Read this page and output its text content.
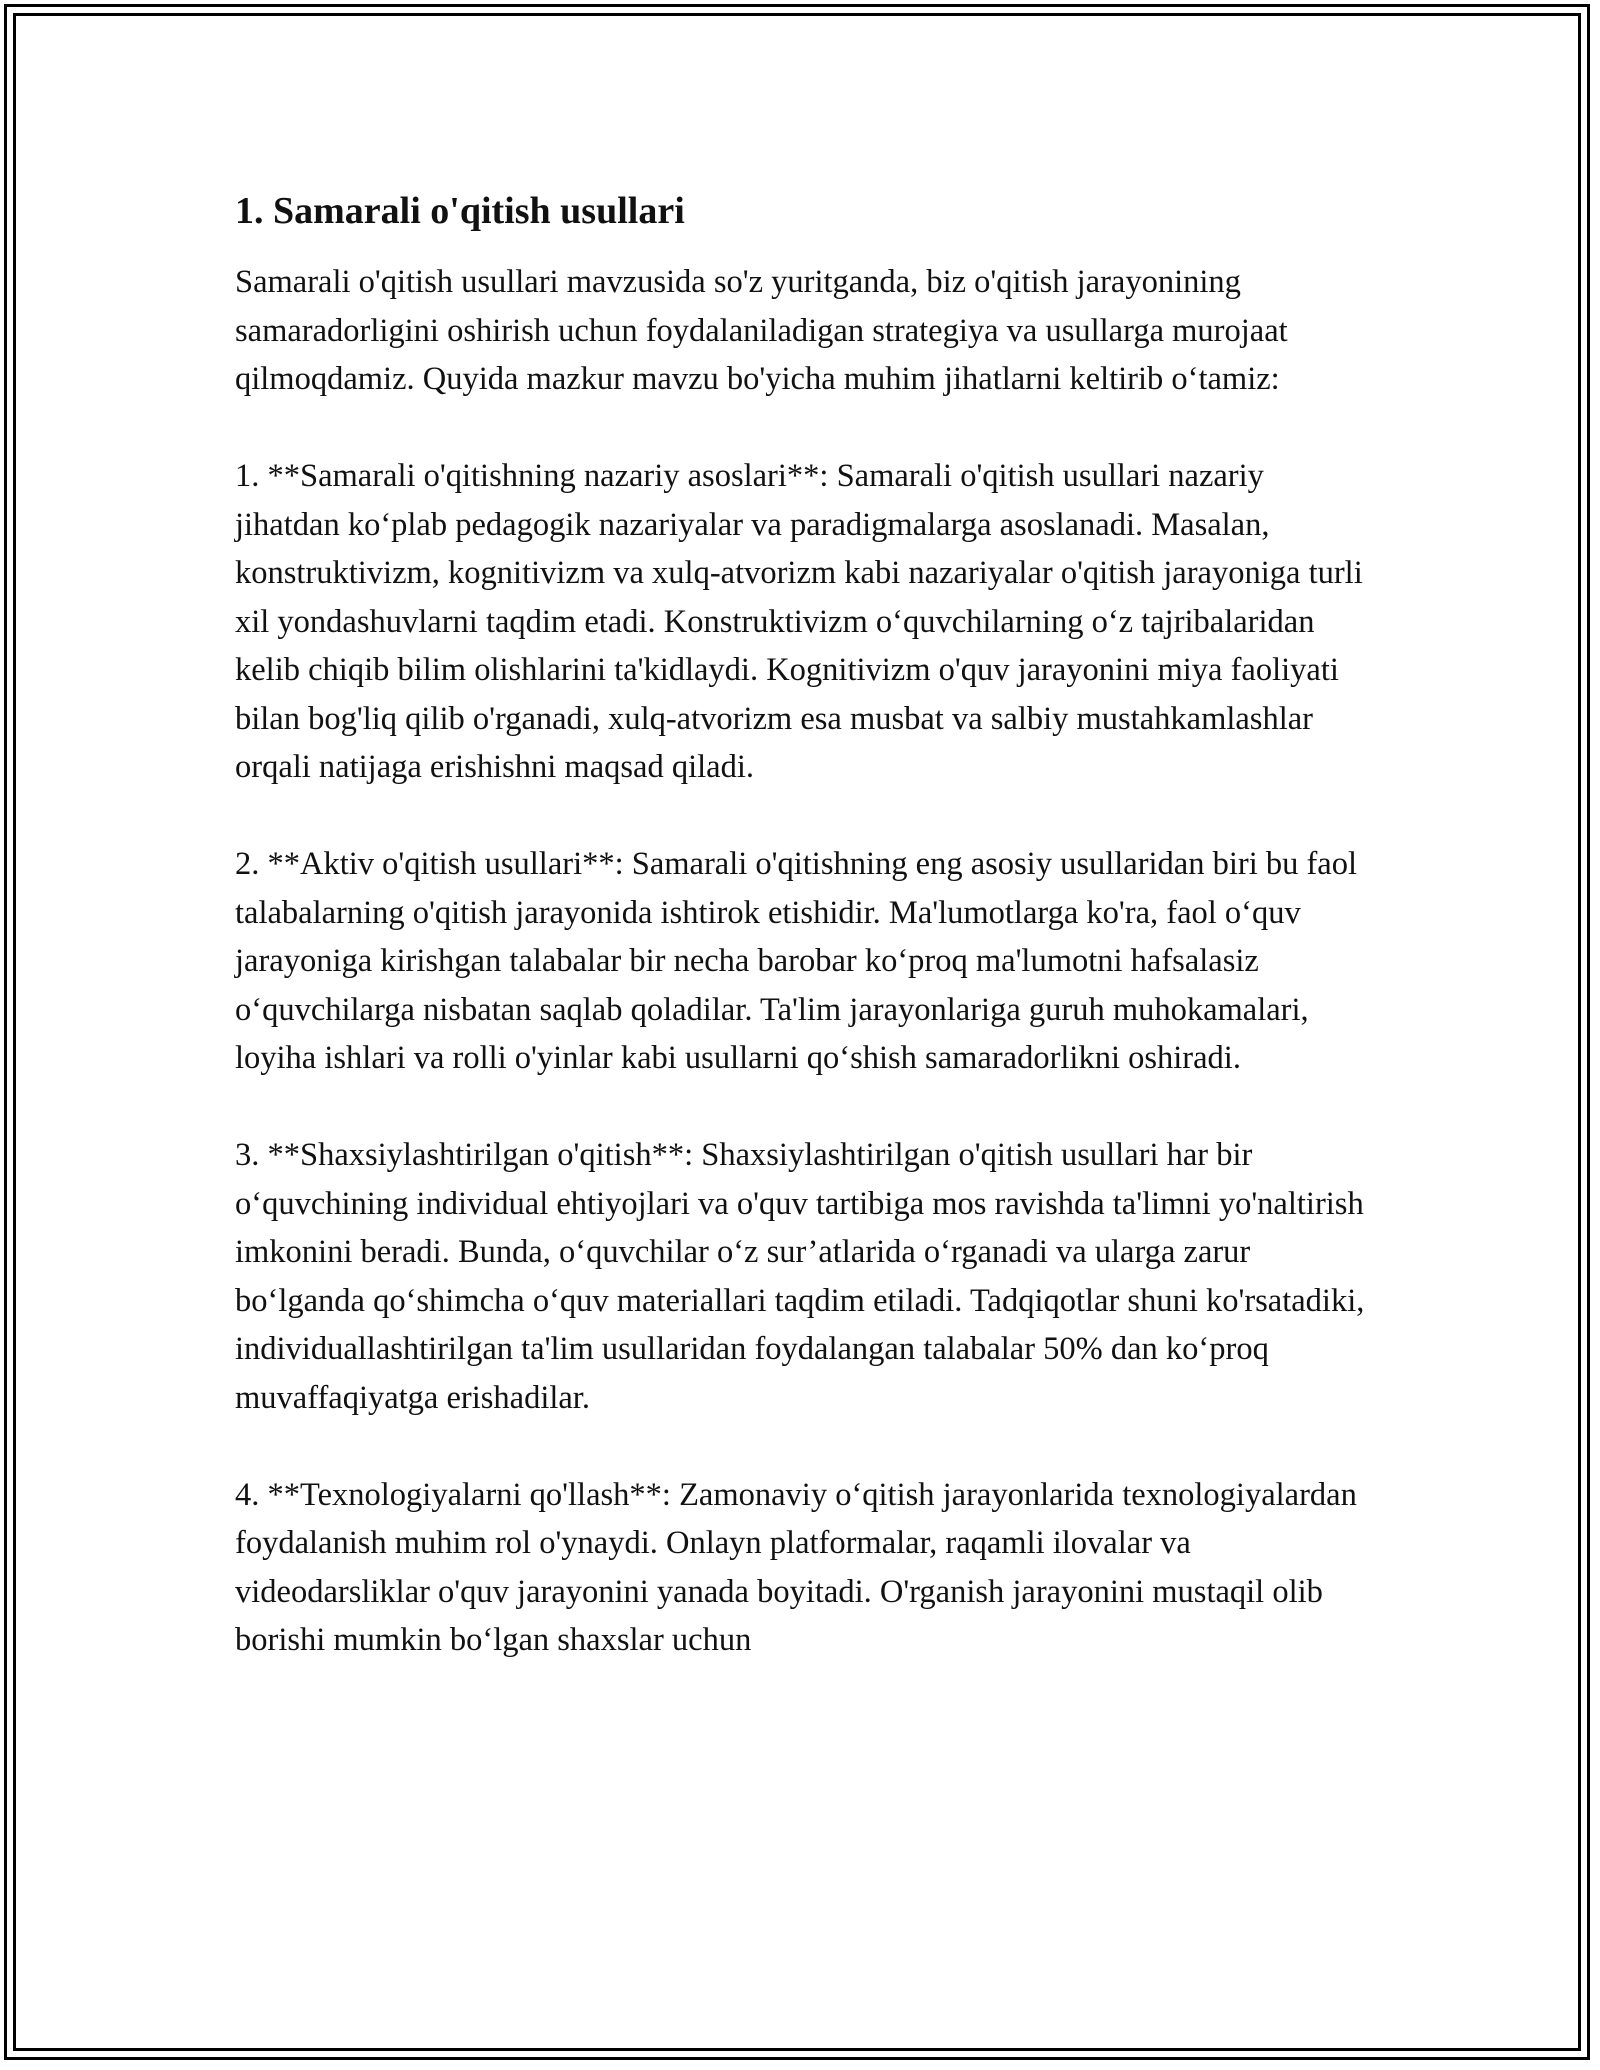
1. Samarali o'qitish usullari

Samarali o'qitish usullari mavzusida so'z yuritganda, biz o'qitish jarayonining samaradorligini oshirish uchun foydalaniladigan strategiya va usullarga murojaat qilmoqdamiz. Quyida mazkur mavzu bo'yicha muhim jihatlarni keltirib o‘tamiz:

1. **Samarali o'qitishning nazariy asoslari**: Samarali o'qitish usullari nazariy jihatdan ko‘plab pedagogik nazariyalar va paradigmalarga asoslanadi. Masalan, konstruktivizm, kognitivizm va xulq-atvorizm kabi nazariyalar o'qitish jarayoniga turli xil yondashuvlarni taqdim etadi. Konstruktivizm o‘quvchilarning o‘z tajribalaridan kelib chiqib bilim olishlarini ta'kidlaydi. Kognitivizm o'quv jarayonini miya faoliyati bilan bog'liq qilib o'rganadi, xulq-atvorizm esa musbat va salbiy mustahkamlashlar orqali natijaga erishishni maqsad qiladi.

2. **Aktiv o'qitish usullari**: Samarali o'qitishning eng asosiy usullaridan biri bu faol talabalarning o'qitish jarayonida ishtirok etishidir. Ma'lumotlarga ko'ra, faol o‘quv jarayoniga kirishgan talabalar bir necha barobar ko‘proq ma'lumotni hafsalasiz o‘quvchilarga nisbatan saqlab qoladilar. Ta'lim jarayonlariga guruh muhokamalari, loyiha ishlari va rolli o'yinlar kabi usullarni qo‘shish samaradorlikni oshiradi.

3. **Shaxsiylashtirilgan o'qitish**: Shaxsiylashtirilgan o'qitish usullari har bir o‘quvchining individual ehtiyojlari va o'quv tartibiga mos ravishda ta'limni yo'naltirish imkonini beradi. Bunda, o‘quvchilar o‘z sur’atlarida o‘rganadi va ularga zarur bo‘lganda qo‘shimcha o‘quv materiallari taqdim etiladi. Tadqiqotlar shuni ko'rsatadiki, individuallashtirilgan ta'lim usullaridan foydalangan talabalar 50% dan ko‘proq muvaffaqiyatga erishadilar.

4. **Texnologiyalarni qo'llash**: Zamonaviy o‘qitish jarayonlarida texnologiyalardan foydalanish muhim rol o'ynaydi. Onlayn platformalar, raqamli ilovalar va videodarsliklar o'quv jarayonini yanada boyitadi. O'rganish jarayonini mustaqil olib borishi mumkin bo‘lgan shaxslar uchun
